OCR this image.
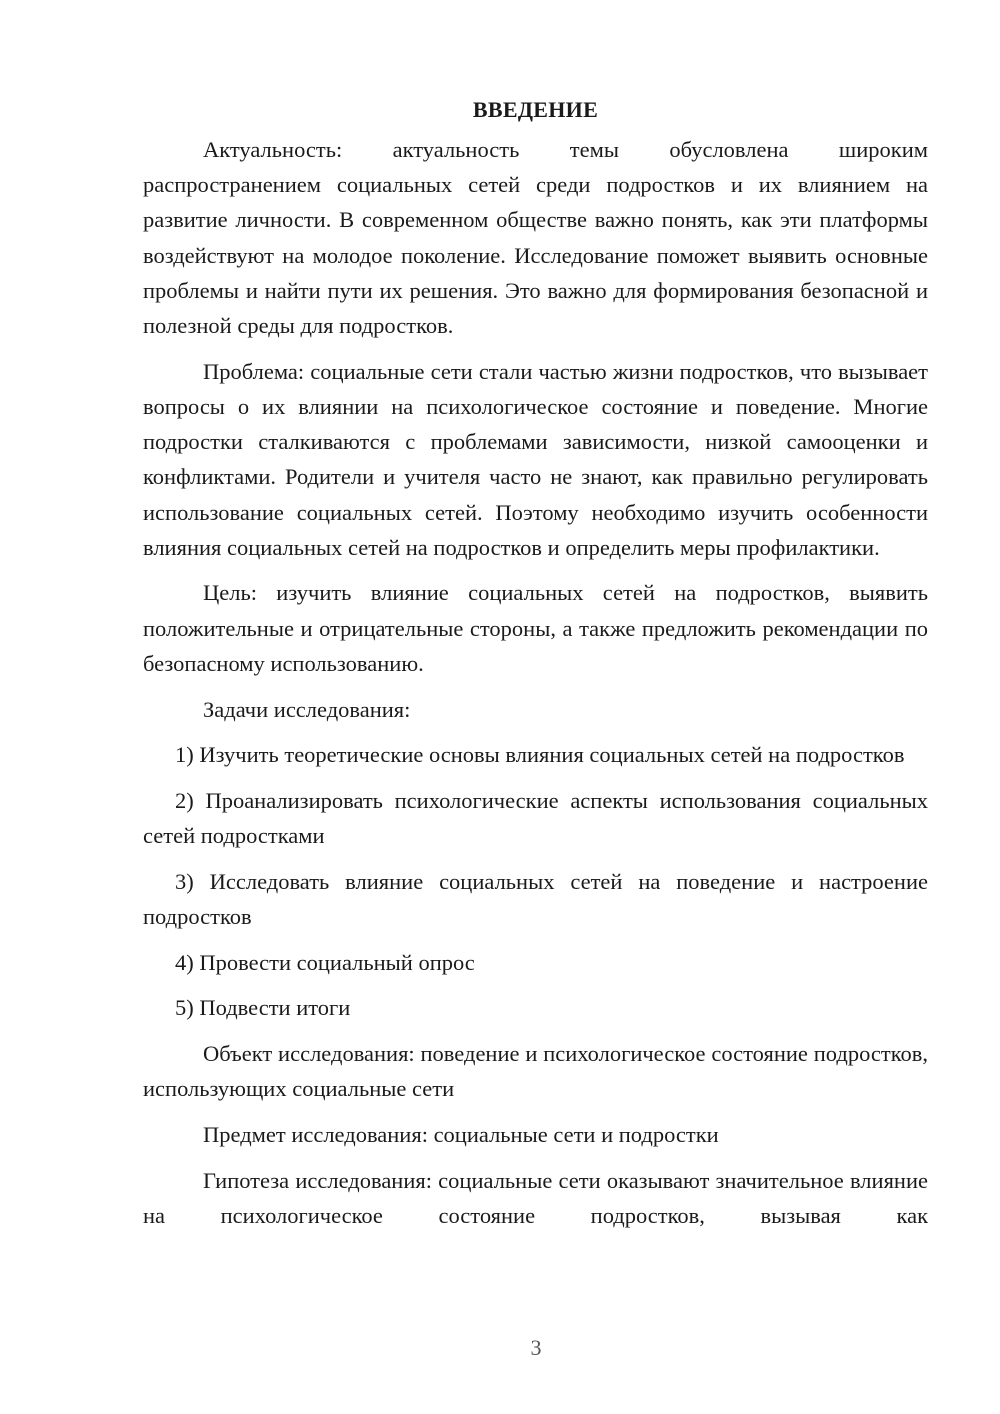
ВВЕДЕНИЕ

Актуальность: актуальность темы обусловлена широким распространением социальных сетей среди подростков и их влиянием на развитие личности. В современном обществе важно понять, как эти платформы воздействуют на молодое поколение. Исследование поможет выявить основные проблемы и найти пути их решения. Это важно для формирования безопасной и полезной среды для подростков.

Проблема: социальные сети стали частью жизни подростков, что вызывает вопросы о их влиянии на психологическое состояние и поведение. Многие подростки сталкиваются с проблемами зависимости, низкой самооценки и конфликтами. Родители и учителя часто не знают, как правильно регулировать использование социальных сетей. Поэтому необходимо изучить особенности влияния социальных сетей на подростков и определить меры профилактики.

Цель: изучить влияние социальных сетей на подростков, выявить положительные и отрицательные стороны, а также предложить рекомендации по безопасному использованию.

Задачи исследования:

1) Изучить теоретические основы влияния социальных сетей на подростков

2) Проанализировать психологические аспекты использования социальных сетей подростками

3) Исследовать влияние социальных сетей на поведение и настроение подростков

4) Провести социальный опрос

5) Подвести итоги

Объект исследования: поведение и психологическое состояние подростков, использующих социальные сети

Предмет исследования: социальные сети и подростки

Гипотеза исследования: социальные сети оказывают значительное влияние на психологическое состояние подростков, вызывая как

3
